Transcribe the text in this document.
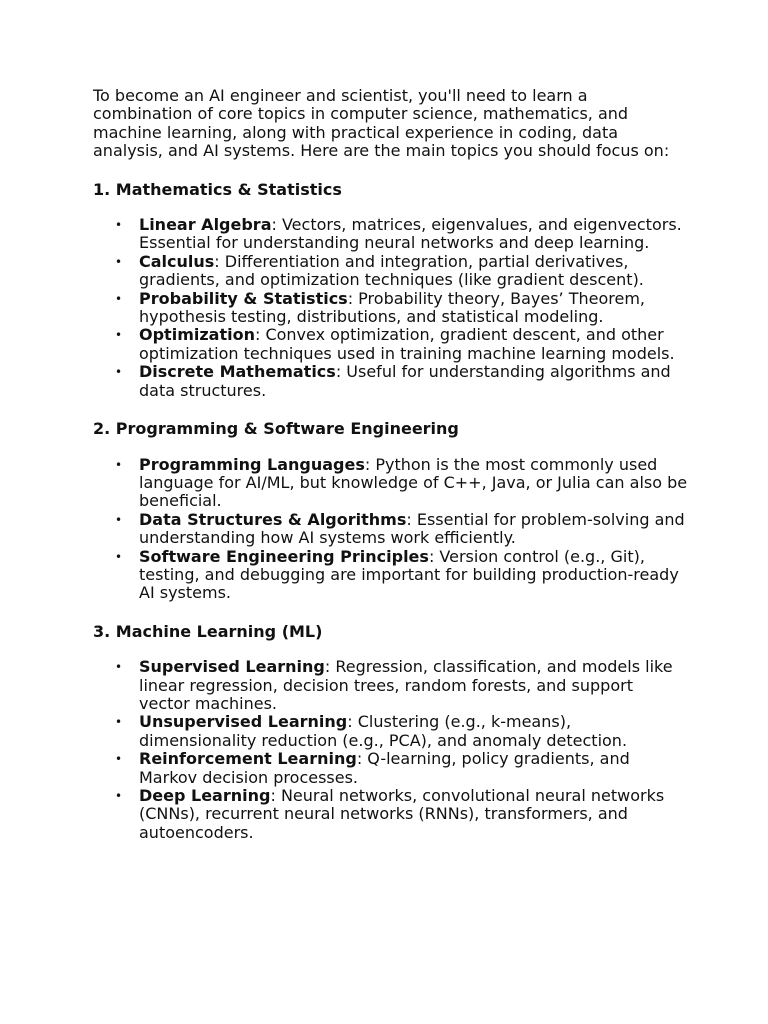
To become an AI engineer and scientist, you'll need to learn a combination of core topics in computer science, mathematics, and machine learning, along with practical experience in coding, data analysis, and AI systems. Here are the main topics you should focus on:

1. Mathematics & Statistics
• Linear Algebra: Vectors, matrices, eigenvalues, and eigenvectors. Essential for understanding neural networks and deep learning.
• Calculus: Differentiation and integration, partial derivatives, gradients, and optimization techniques (like gradient descent).
• Probability & Statistics: Probability theory, Bayes’ Theorem, hypothesis testing, distributions, and statistical modeling.
• Optimization: Convex optimization, gradient descent, and other optimization techniques used in training machine learning models.
• Discrete Mathematics: Useful for understanding algorithms and data structures.
2. Programming & Software Engineering
• Programming Languages: Python is the most commonly used language for AI/ML, but knowledge of C++, Java, or Julia can also be beneficial.
• Data Structures & Algorithms: Essential for problem-solving and understanding how AI systems work efficiently.
• Software Engineering Principles: Version control (e.g., Git), testing, and debugging are important for building production-ready AI systems.
3. Machine Learning (ML)
• Supervised Learning: Regression, classification, and models like linear regression, decision trees, random forests, and support vector machines.
• Unsupervised Learning: Clustering (e.g., k-means), dimensionality reduction (e.g., PCA), and anomaly detection.
• Reinforcement Learning: Q-learning, policy gradients, and Markov decision processes.
• Deep Learning: Neural networks, convolutional neural networks (CNNs), recurrent neural networks (RNNs), transformers, and autoencoders.
